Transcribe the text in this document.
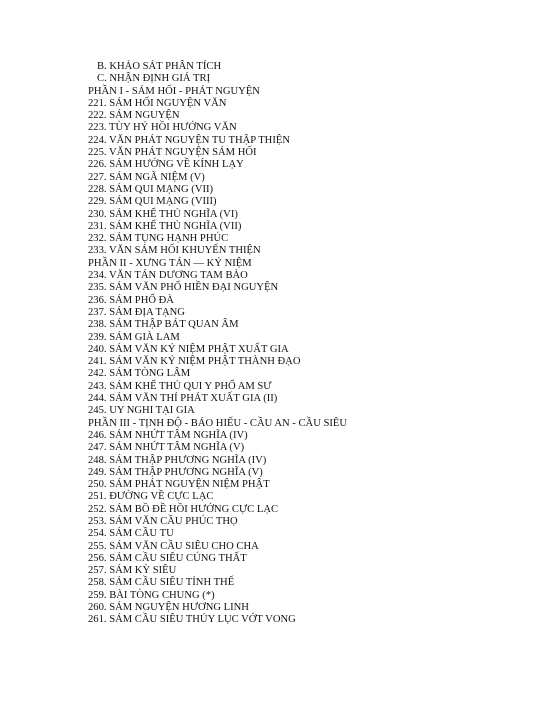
B. KHẢO SÁT PHÂN TÍCH
C. NHẬN ĐỊNH GIÁ TRỊ
PHẦN I - SÁM HỐI - PHÁT NGUYỆN
221. SÁM HỐI NGUYỆN VĂN
222. SÁM NGUYỆN
223. TÙY HỶ HỒI HƯỚNG VĂN
224. VĂN PHÁT NGUYỆN TU THẬP THIỆN
225. VĂN PHÁT NGUYỆN SÁM HỐI
226. SÁM HƯỚNG VỀ KÍNH LẠY
227. SÁM NGÃ NIỆM (V)
228. SÁM QUI MẠNG (VII)
229. SÁM QUI MẠNG (VIII)
230. SÁM KHỂ THỦ NGHĨA (VI)
231. SÁM KHỂ THỦ NGHĨA (VII)
232. SÁM TỤNG HẠNH PHÚC
233. VĂN SÁM HỐI KHUYẾN THIỆN
PHẦN II - XƯNG TÁN — KỶ NIỆM
234. VĂN TÁN DƯƠNG TAM BẢO
235. SÁM VĂN PHỔ HIỀN ĐẠI NGUYỆN
236. SÁM PHỔ ĐÀ
237. SÁM ĐỊA TẠNG
238. SÁM THẬP BÁT QUAN ÂM
239. SÁM GIÀ LAM
240. SÁM VĂN KỶ NIỆM PHẬT XUẤT GIA
241. SÁM VĂN KỶ NIỆM PHẬT THÀNH ĐẠO
242. SÁM TÒNG LÂM
243. SÁM KHỂ THỦ QUI Y PHỔ AM SƯ
244. SÁM VĂN THÍ PHÁT XUẤT GIA (II)
245. UY NGHI TẠI GIA
PHẦN III - TỊNH ĐỘ - BÁO HIẾU - CẦU AN - CẦU SIÊU
246. SÁM NHỨT TÂM NGHĨA (IV)
247. SÁM NHỨT TÂM NGHĨA (V)
248. SÁM THẬP PHƯƠNG NGHĨA (IV)
249. SÁM THẬP PHƯƠNG NGHĨA (V)
250. SÁM PHÁT NGUYỆN NIỆM PHẬT
251. ĐƯỜNG VỀ CỰC LẠC
252. SÁM BỒ ĐỀ HỒI HƯỚNG CỰC LẠC
253. SÁM VĂN CẦU PHÚC THỌ
254. SÁM CẦU TU
255. SÁM VĂN CẦU SIÊU CHO CHA
256. SÁM CẦU SIÊU CÚNG THẤT
257. SÁM KỲ SIÊU
258. SÁM CẦU SIÊU TỈNH THẾ
259. BÀI TÒNG CHUNG (*)
260. SÁM NGUYỆN HƯƠNG LINH
261. SÁM CẦU SIÊU THỦY LỤC VỚT VONG
